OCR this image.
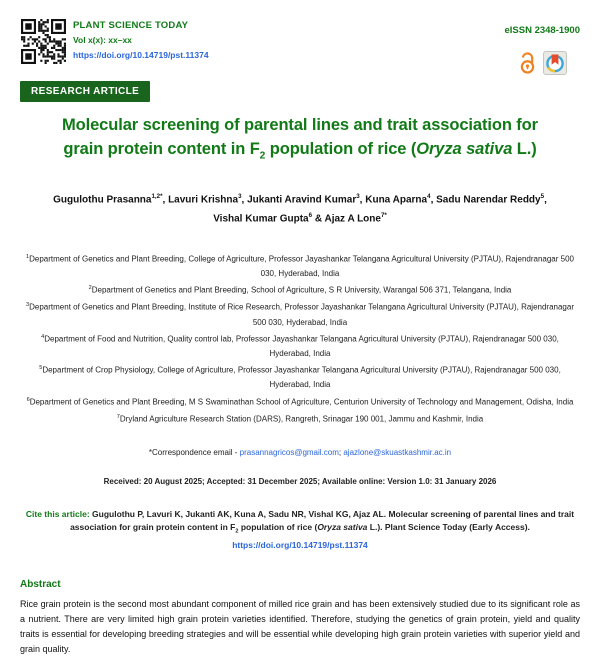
PLANT SCIENCE TODAY
Vol x(x): xx–xx
https://doi.org/10.14719/pst.11374
eISSN 2348-1900
RESEARCH ARTICLE
Molecular screening of parental lines and trait association for
grain protein content in $F_2$ population of rice (Oryza sativa L.)
Gugulothu Prasanna$^{1,2*}$, Lavuri Krishna$^3$, Jukanti Aravind Kumar$^3$, Kuna Aparna$^4$, Sadu Narendar Reddy$^5$,
Vishal Kumar Gupta$^6$ & Ajaz A Lone$^{7*}$

$^1$Department of Genetics and Plant Breeding, College of Agriculture, Professor Jayashankar Telangana Agricultural University (PJTAU), Rajendranagar 500 030, Hyderabad, India

$^2$Department of Genetics and Plant Breeding, School of Agriculture, S R University, Warangal 506 371, Telangana, India

$^3$Department of Genetics and Plant Breeding, Institute of Rice Research, Professor Jayashankar Telangana Agricultural University (PJTAU), Rajendranagar 500 030, Hyderabad, India

$^4$Department of Food and Nutrition, Quality control lab, Professor Jayashankar Telangana Agricultural University (PJTAU), Rajendranagar 500 030, Hyderabad, India

$^5$Department of Crop Physiology, College of Agriculture, Professor Jayashankar Telangana Agricultural University (PJTAU), Rajendranagar 500 030, Hyderabad, India

$^6$Department of Genetics and Plant Breeding, M S Swaminathan School of Agriculture, Centurion University of Technology and Management, Odisha, India

$^7$Dryland Agriculture Research Station (DARS), Rangreth, Srinagar 190 001, Jammu and Kashmir, India

*Correspondence email - prasannagricos@gmail.com; ajazlone@skuastkashmir.ac.in
Received: 20 August 2025; Accepted: 31 December 2025; Available online: Version 1.0: 31 January 2026
Cite this article: Gugulothu P, Lavuri K, Jukanti AK, Kuna A, Sadu NR, Vishal KG, Ajaz AL. Molecular screening of parental lines and trait association for grain protein content in $F_2$ population of rice (Oryza sativa L.). Plant Science Today (Early Access). https://doi.org/10.14719/pst.11374
Abstract

Rice grain protein is the second most abundant component of milled rice grain and has been extensively studied due to its significant role as a nutrient. There are very limited high grain protein varieties identified. Therefore, studying the genetics of grain protein, yield and quality traits is essential for developing breeding strategies and will be essential while developing high grain protein varieties with superior yield and grain quality.
